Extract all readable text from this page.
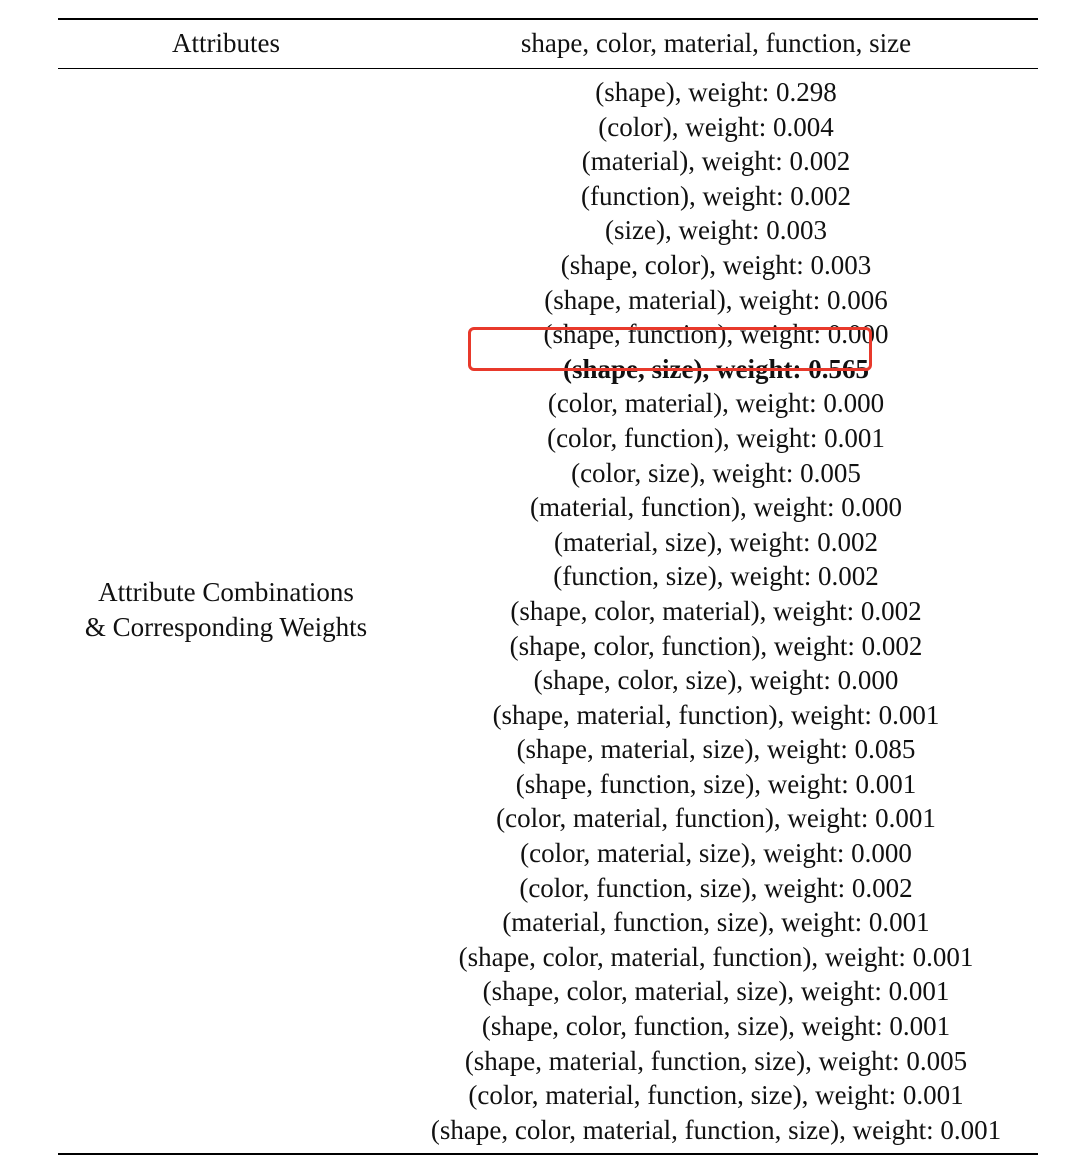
Attributes	shape, color, material, function, size
Attribute Combinations
& Corresponding Weights
(shape), weight: 0.298
(color), weight: 0.004
(material), weight: 0.002
(function), weight: 0.002
(size), weight: 0.003
(shape, color), weight: 0.003
(shape, material), weight: 0.006
(shape, function), weight: 0.000
(shape, size), weight: 0.565
(color, material), weight: 0.000
(color, function), weight: 0.001
(color, size), weight: 0.005
(material, function), weight: 0.000
(material, size), weight: 0.002
(function, size), weight: 0.002
(shape, color, material), weight: 0.002
(shape, color, function), weight: 0.002
(shape, color, size), weight: 0.000
(shape, material, function), weight: 0.001
(shape, material, size), weight: 0.085
(shape, function, size), weight: 0.001
(color, material, function), weight: 0.001
(color, material, size), weight: 0.000
(color, function, size), weight: 0.002
(material, function, size), weight: 0.001
(shape, color, material, function), weight: 0.001
(shape, color, material, size), weight: 0.001
(shape, color, function, size), weight: 0.001
(shape, material, function, size), weight: 0.005
(color, material, function, size), weight: 0.001
(shape, color, material, function, size), weight: 0.001
